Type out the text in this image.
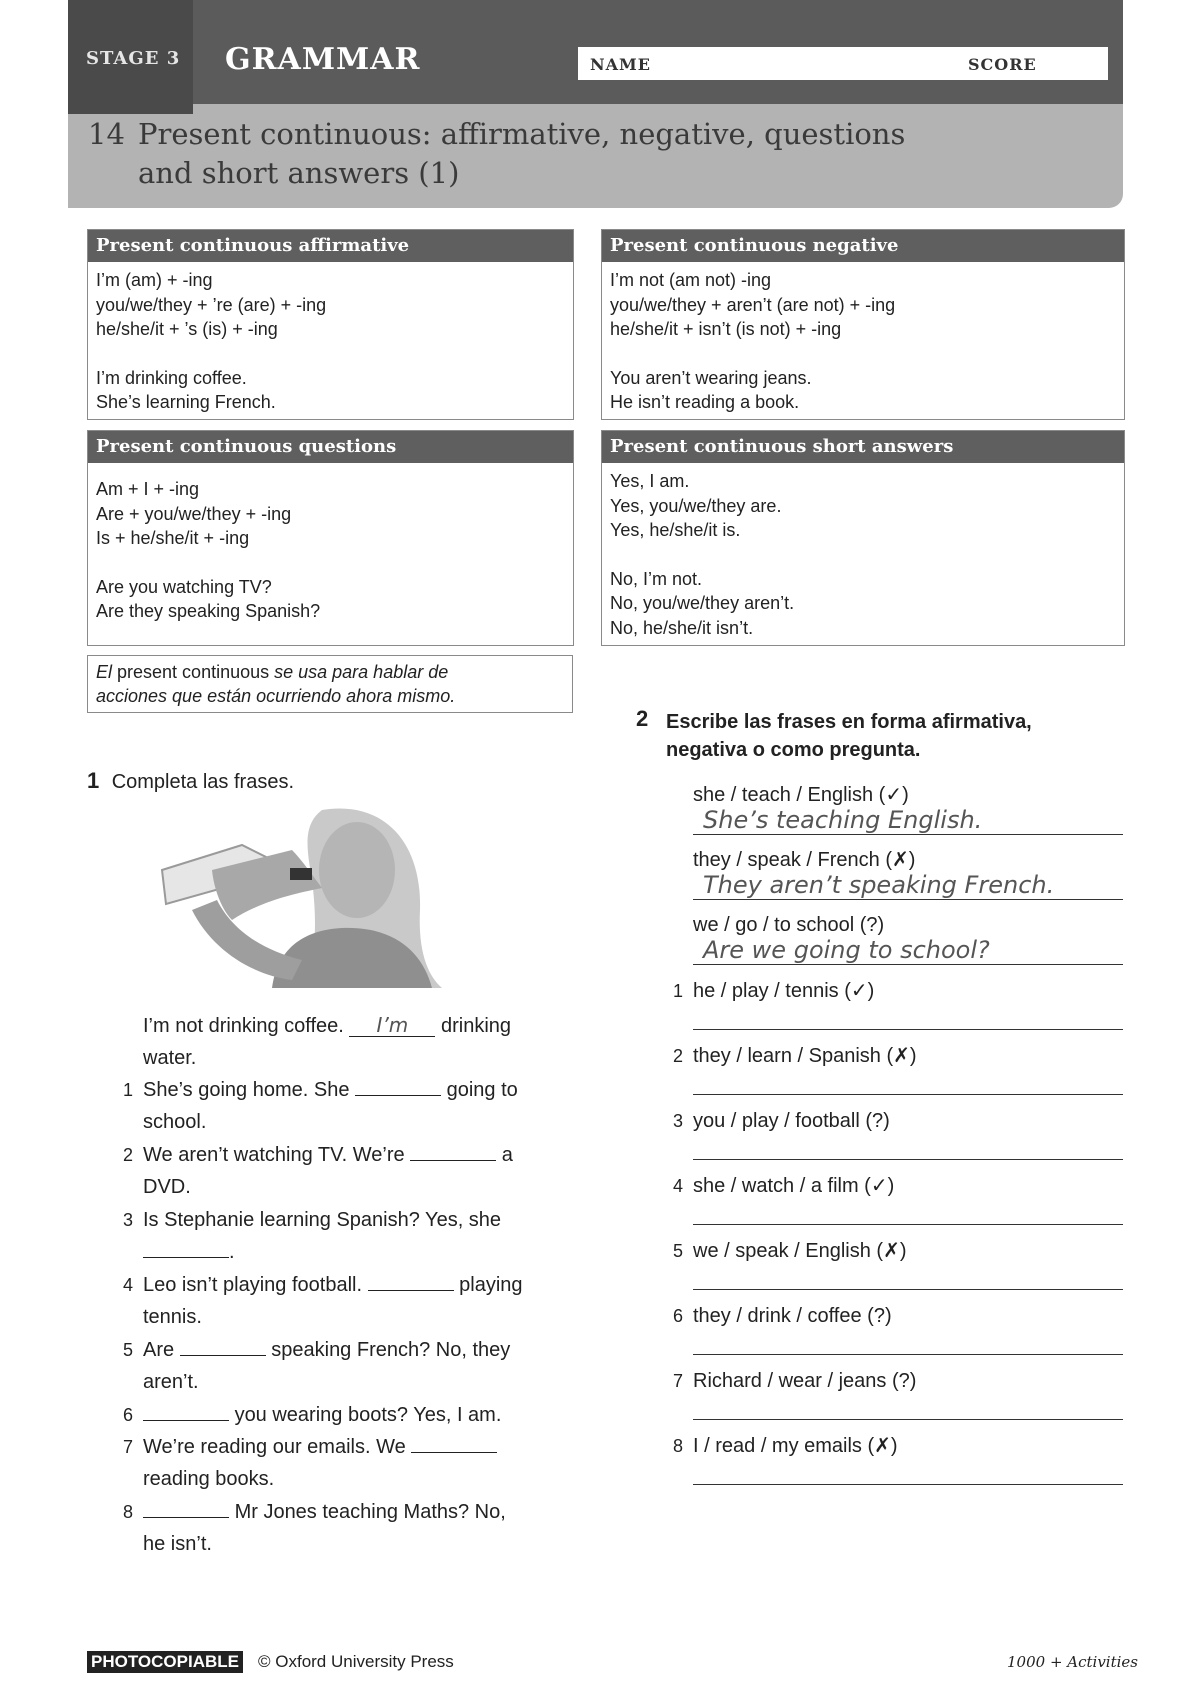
STAGE 3 GRAMMAR	NAME	SCORE
14 Present continuous: affirmative, negative, questions
and short answers (1)
Present continuous affirmative
I’m (am) + -ing
you/we/they + ’re (are) + -ing
he/she/it + ’s (is) + -ing
I’m drinking coffee.
She’s learning French.
Present continuous negative
I’m not (am not) -ing
you/we/they + aren’t (are not) + -ing
he/she/it + isn’t (is not) + -ing
You aren’t wearing jeans.
He isn’t reading a book.
Present continuous questions
Am + I + -ing
Are + you/we/they + -ing
Is + he/she/it + -ing
Are you watching TV?
Are they speaking Spanish?
Present continuous short answers
Yes, I am.
Yes, you/we/they are.
Yes, he/she/it is.
No, I’m not.
No, you/we/they aren’t.
No, he/she/it isn’t.
El present continuous se usa para hablar de
acciones que están ocurriendo ahora mismo.
1 Completa las frases.
I’m not drinking coffee. I’m drinking
water.
1 She’s going home. She	going to
school.
2 We aren’t watching TV. We’re	a
DVD.
3 Is Stephanie learning Spanish? Yes, she
.
4 Leo isn’t playing football.	playing
tennis.
5 Are	speaking French? No, they
aren’t.
6	you wearing boots? Yes, I am.
7 We’re reading our emails. We
reading books.
8	Mr Jones teaching Maths? No,
he isn’t.
2 Escribe las frases en forma afirmativa,
negativa o como pregunta.
she / teach / English (✓)
She’s teaching English.
they / speak / French (✗)
They aren’t speaking French.
we / go / to school (?)
Are we going to school?
1 he / play / tennis (✓)
2 they / learn / Spanish (✗)
3 you / play / football (?)
4 she / watch / a film (✓)
5 we / speak / English (✗)
6 they / drink / coffee (?)
7 Richard / wear / jeans (?)
8 I / read / my emails (✗)
PHOTOCOPIABLE © Oxford University Press	1000 + Activities
